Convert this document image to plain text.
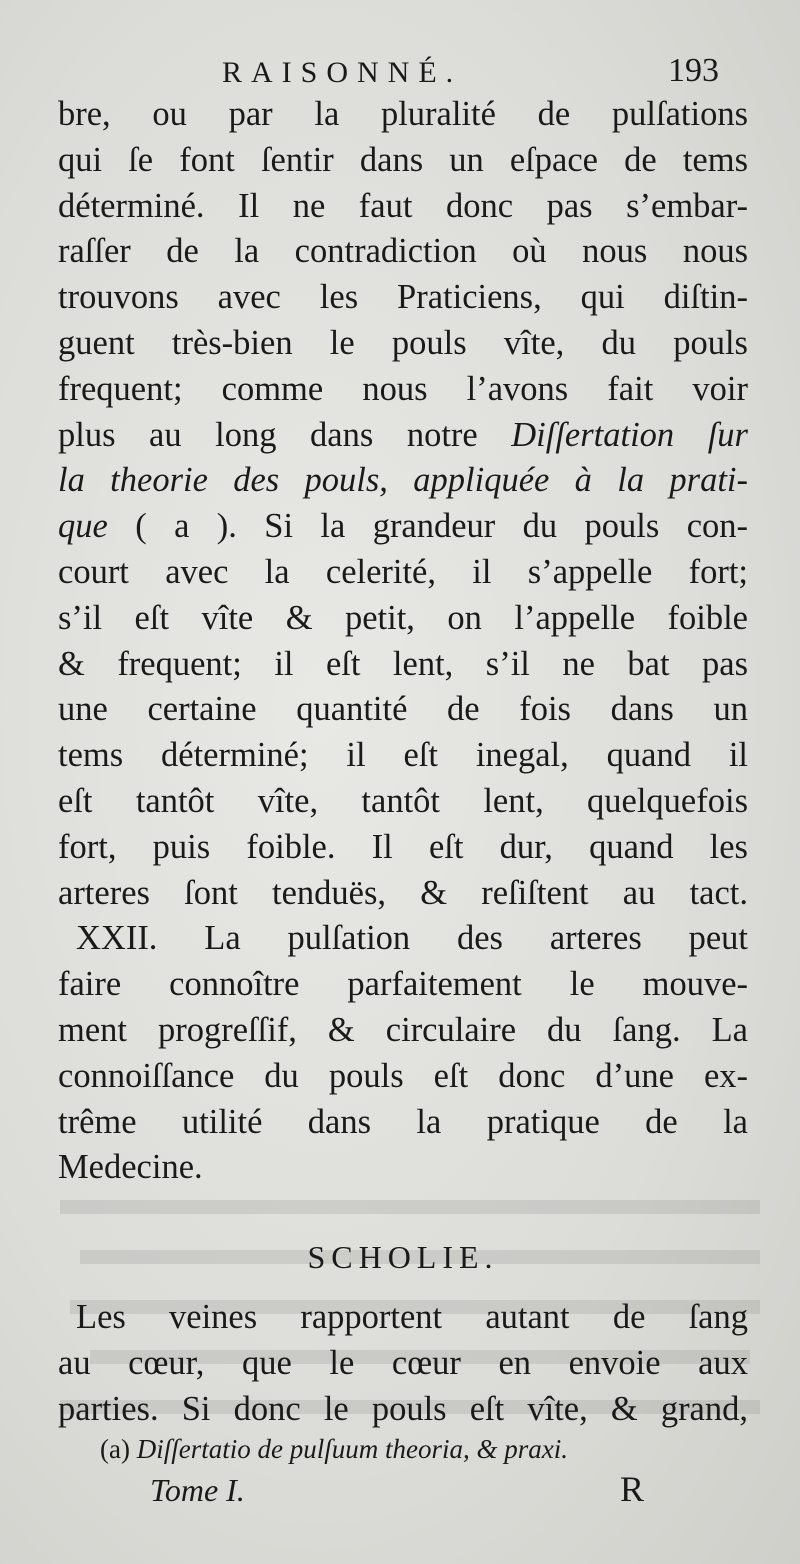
RAISONNÉ.	193
bre, ou par la pluralité de pulſations
qui ſe font ſentir dans un eſpace de tems
déterminé. Il ne faut donc pas s’embar-
raſſer de la contradiction où nous nous
trouvons avec les Praticiens, qui diſtin-
guent très-bien le pouls vîte, du pouls
frequent; comme nous l’avons fait voir
plus au long dans notre Diſſertation ſur
la theorie des pouls, appliquée à la prati-
que ( a ). Si la grandeur du pouls con-
court avec la celerité, il s’appelle fort;
s’il eſt vîte & petit, on l’appelle foible
& frequent; il eſt lent, s’il ne bat pas
une certaine quantité de fois dans un
tems déterminé; il eſt inegal, quand il
eſt tantôt vîte, tantôt lent, quelquefois
fort, puis foible. Il eſt dur, quand les
arteres ſont tenduës, & reſiſtent au tact.
XXII. La pulſation des arteres peut
faire connoître parfaitement le mouve-
ment progreſſif, & circulaire du ſang. La
connoiſſance du pouls eſt donc d’une ex-
trême utilité dans la pratique de la
Medecine.
SCHOLIE.
Les veines rapportent autant de ſang
au cœur, que le cœur en envoie aux
parties. Si donc le pouls eſt vîte, & grand,
(a) Diſſertatio de pulſuum theoria, & praxi.
Tome I.	R
